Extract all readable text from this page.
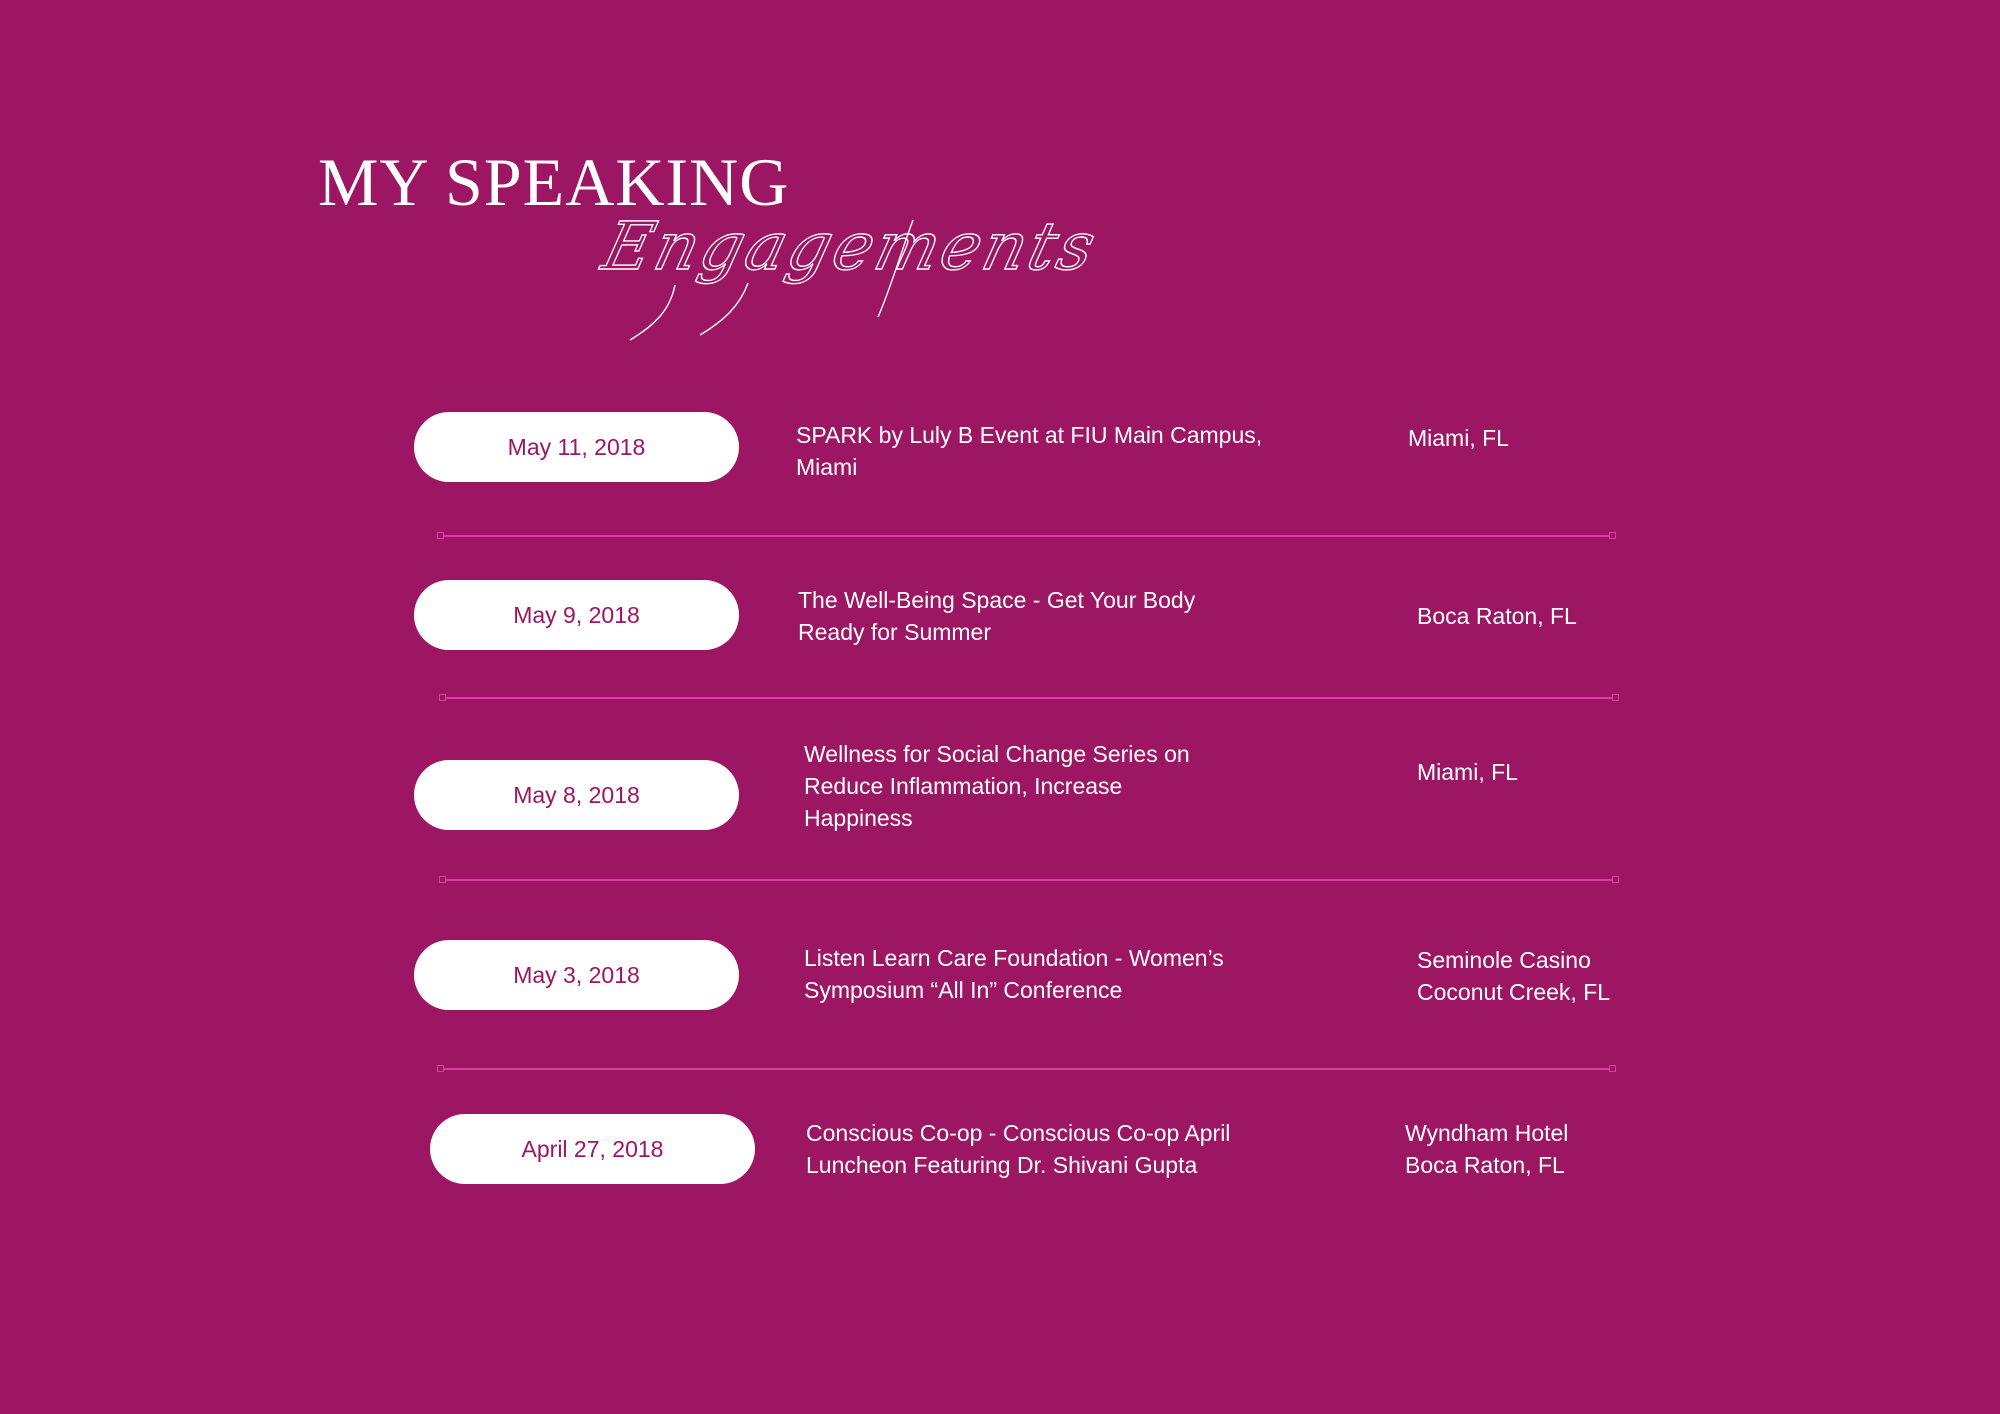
MY SPEAKING
Engagements
May 11, 2018	SPARK by Luly B Event at FIU Main Campus,
Miami

Miami, FL

May 9, 2018

The Well-Being Space - Get Your Body
Ready for Summer

Boca Raton, FL

May 8, 2018

Wellness for Social Change Series on
Reduce Inflammation, Increase
Happiness

Miami, FL

May 3, 2018

Listen Learn Care Foundation - Women’s
Symposium “All In” Conference

Seminole Casino
Coconut Creek, FL

April 27, 2018

Conscious Co-op - Conscious Co-op April
Luncheon Featuring Dr. Shivani Gupta

Wyndham Hotel
Boca Raton, FL
